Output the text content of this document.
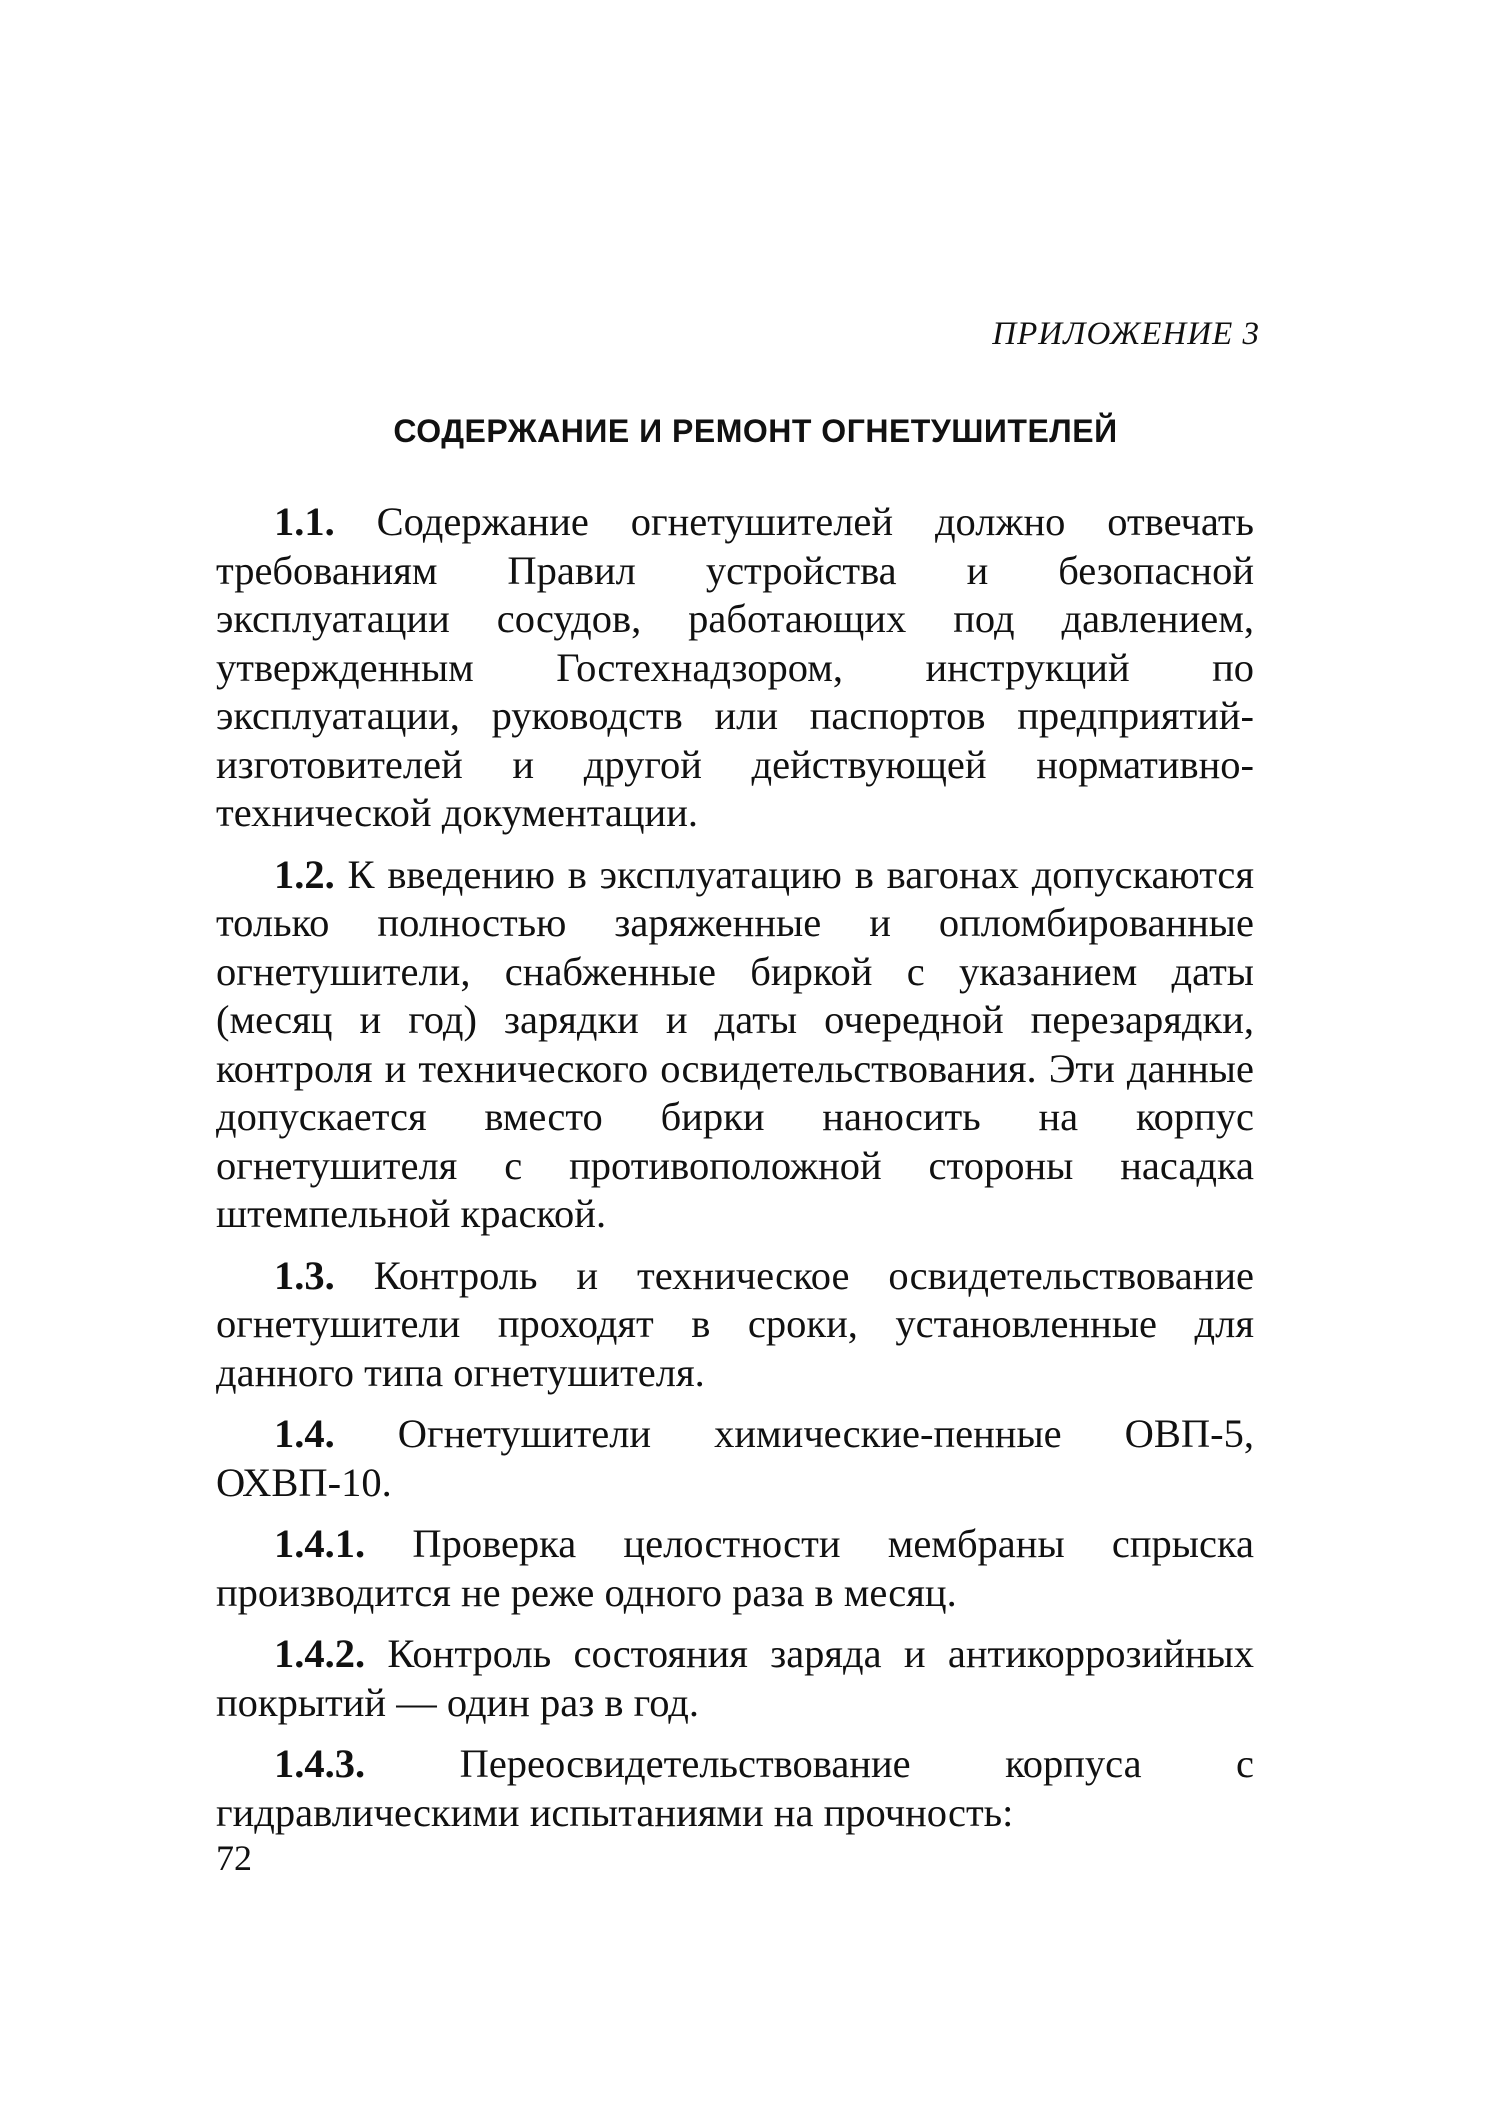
ПРИЛОЖЕНИЕ 3
СОДЕРЖАНИЕ И РЕМОНТ ОГНЕТУШИТЕЛЕЙ

1.1. Содержание огнетушителей должно отвечать требованиям Правил устройства и безопасной эксплуатации сосудов, работающих под давлением, утвержденным Гостехнадзором, инструкций по эксплуатации, руководств или паспортов предприятий-изготовителей и другой действующей нормативно-технической документации.

1.2. К введению в эксплуатацию в вагонах допускаются только полностью заряженные и опломбированные огнетушители, снабженные биркой с указанием даты (месяц и год) зарядки и даты очередной перезарядки, контроля и технического освидетельствования. Эти данные допускается вместо бирки наносить на корпус огнетушителя с противоположной стороны насадка штемпельной краской.

1.3. Контроль и техническое освидетельствование огнетушители проходят в сроки, установленные для данного типа огнетушителя.

1.4. Огнетушители химические-пенные ОВП-5, ОХВП-10.

1.4.1. Проверка целостности мембраны спрыска производится не реже одного раза в месяц.

1.4.2. Контроль состояния заряда и антикоррозийных покрытий — один раз в год.

1.4.3. Переосвидетельствование корпуса с гидравлическими испытаниями на прочность:

72
